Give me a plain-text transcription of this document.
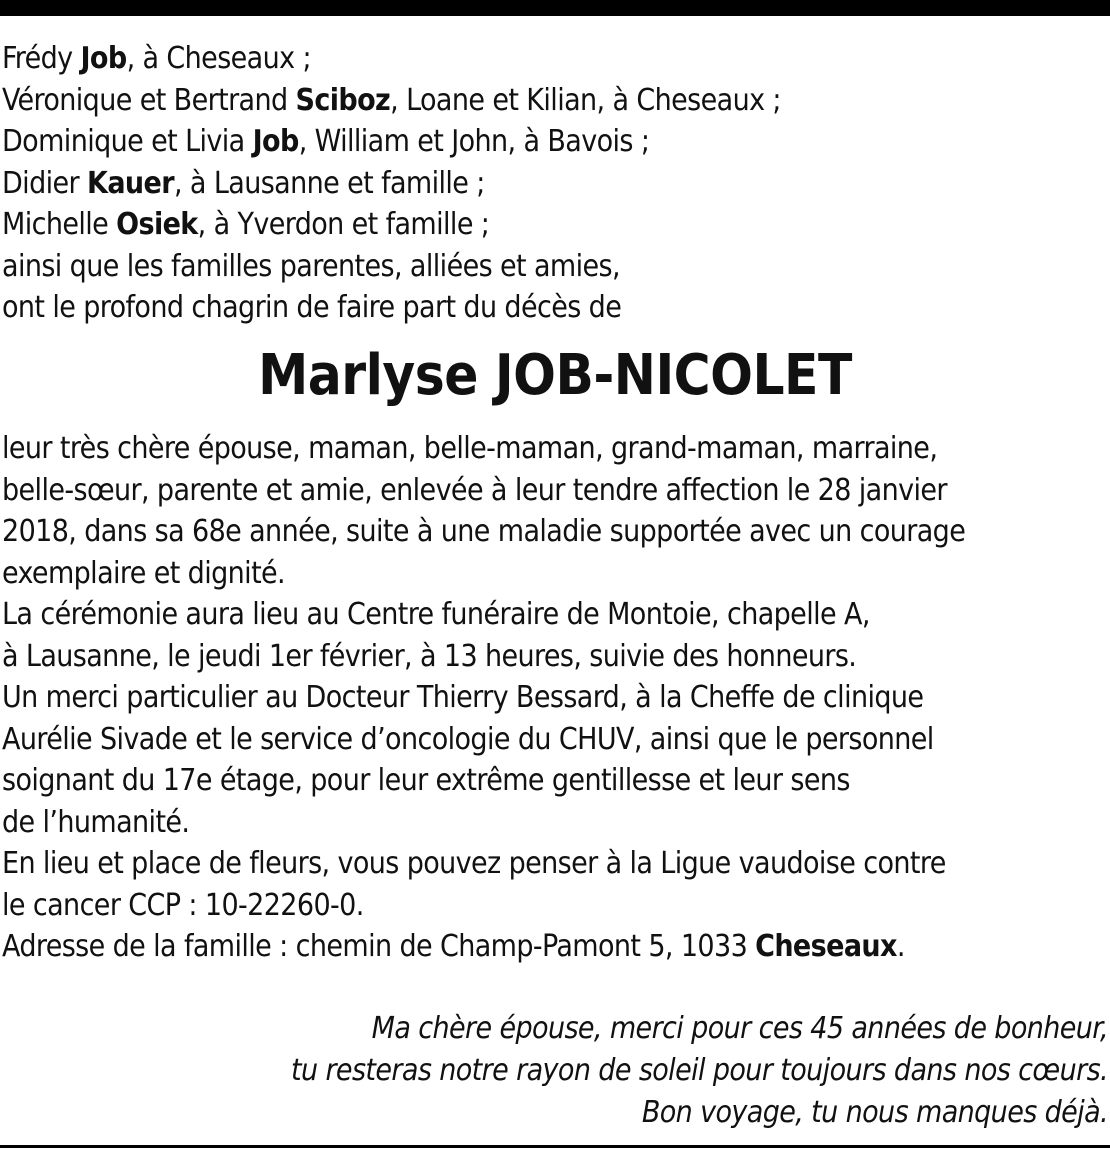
Frédy Job, à Cheseaux ;
Véronique et Bertrand Sciboz, Loane et Kilian, à Cheseaux ;
Dominique et Livia Job, William et John, à Bavois ;
Didier Kauer, à Lausanne et famille ;
Michelle Osiek, à Yverdon et famille ;
ainsi que les familles parentes, alliées et amies,
ont le profond chagrin de faire part du décès de
Marlyse JOB-NICOLET
leur très chère épouse, maman, belle-maman, grand-maman, marraine,
belle-sœur, parente et amie, enlevée à leur tendre affection le 28 janvier
2018, dans sa 68e année, suite à une maladie supportée avec un courage
exemplaire et dignité.
La cérémonie aura lieu au Centre funéraire de Montoie, chapelle A,
à Lausanne, le jeudi 1er février, à 13 heures, suivie des honneurs.
Un merci particulier au Docteur Thierry Bessard, à la Cheffe de clinique
Aurélie Sivade et le service d’oncologie du CHUV, ainsi que le personnel
soignant du 17e étage, pour leur extrême gentillesse et leur sens
de l’humanité.
En lieu et place de fleurs, vous pouvez penser à la Ligue vaudoise contre
le cancer CCP : 10-22260-0.
Adresse de la famille : chemin de Champ-Pamont 5, 1033 Cheseaux.
Ma chère épouse, merci pour ces 45 années de bonheur,
tu resteras notre rayon de soleil pour toujours dans nos cœurs.
Bon voyage, tu nous manques déjà.
